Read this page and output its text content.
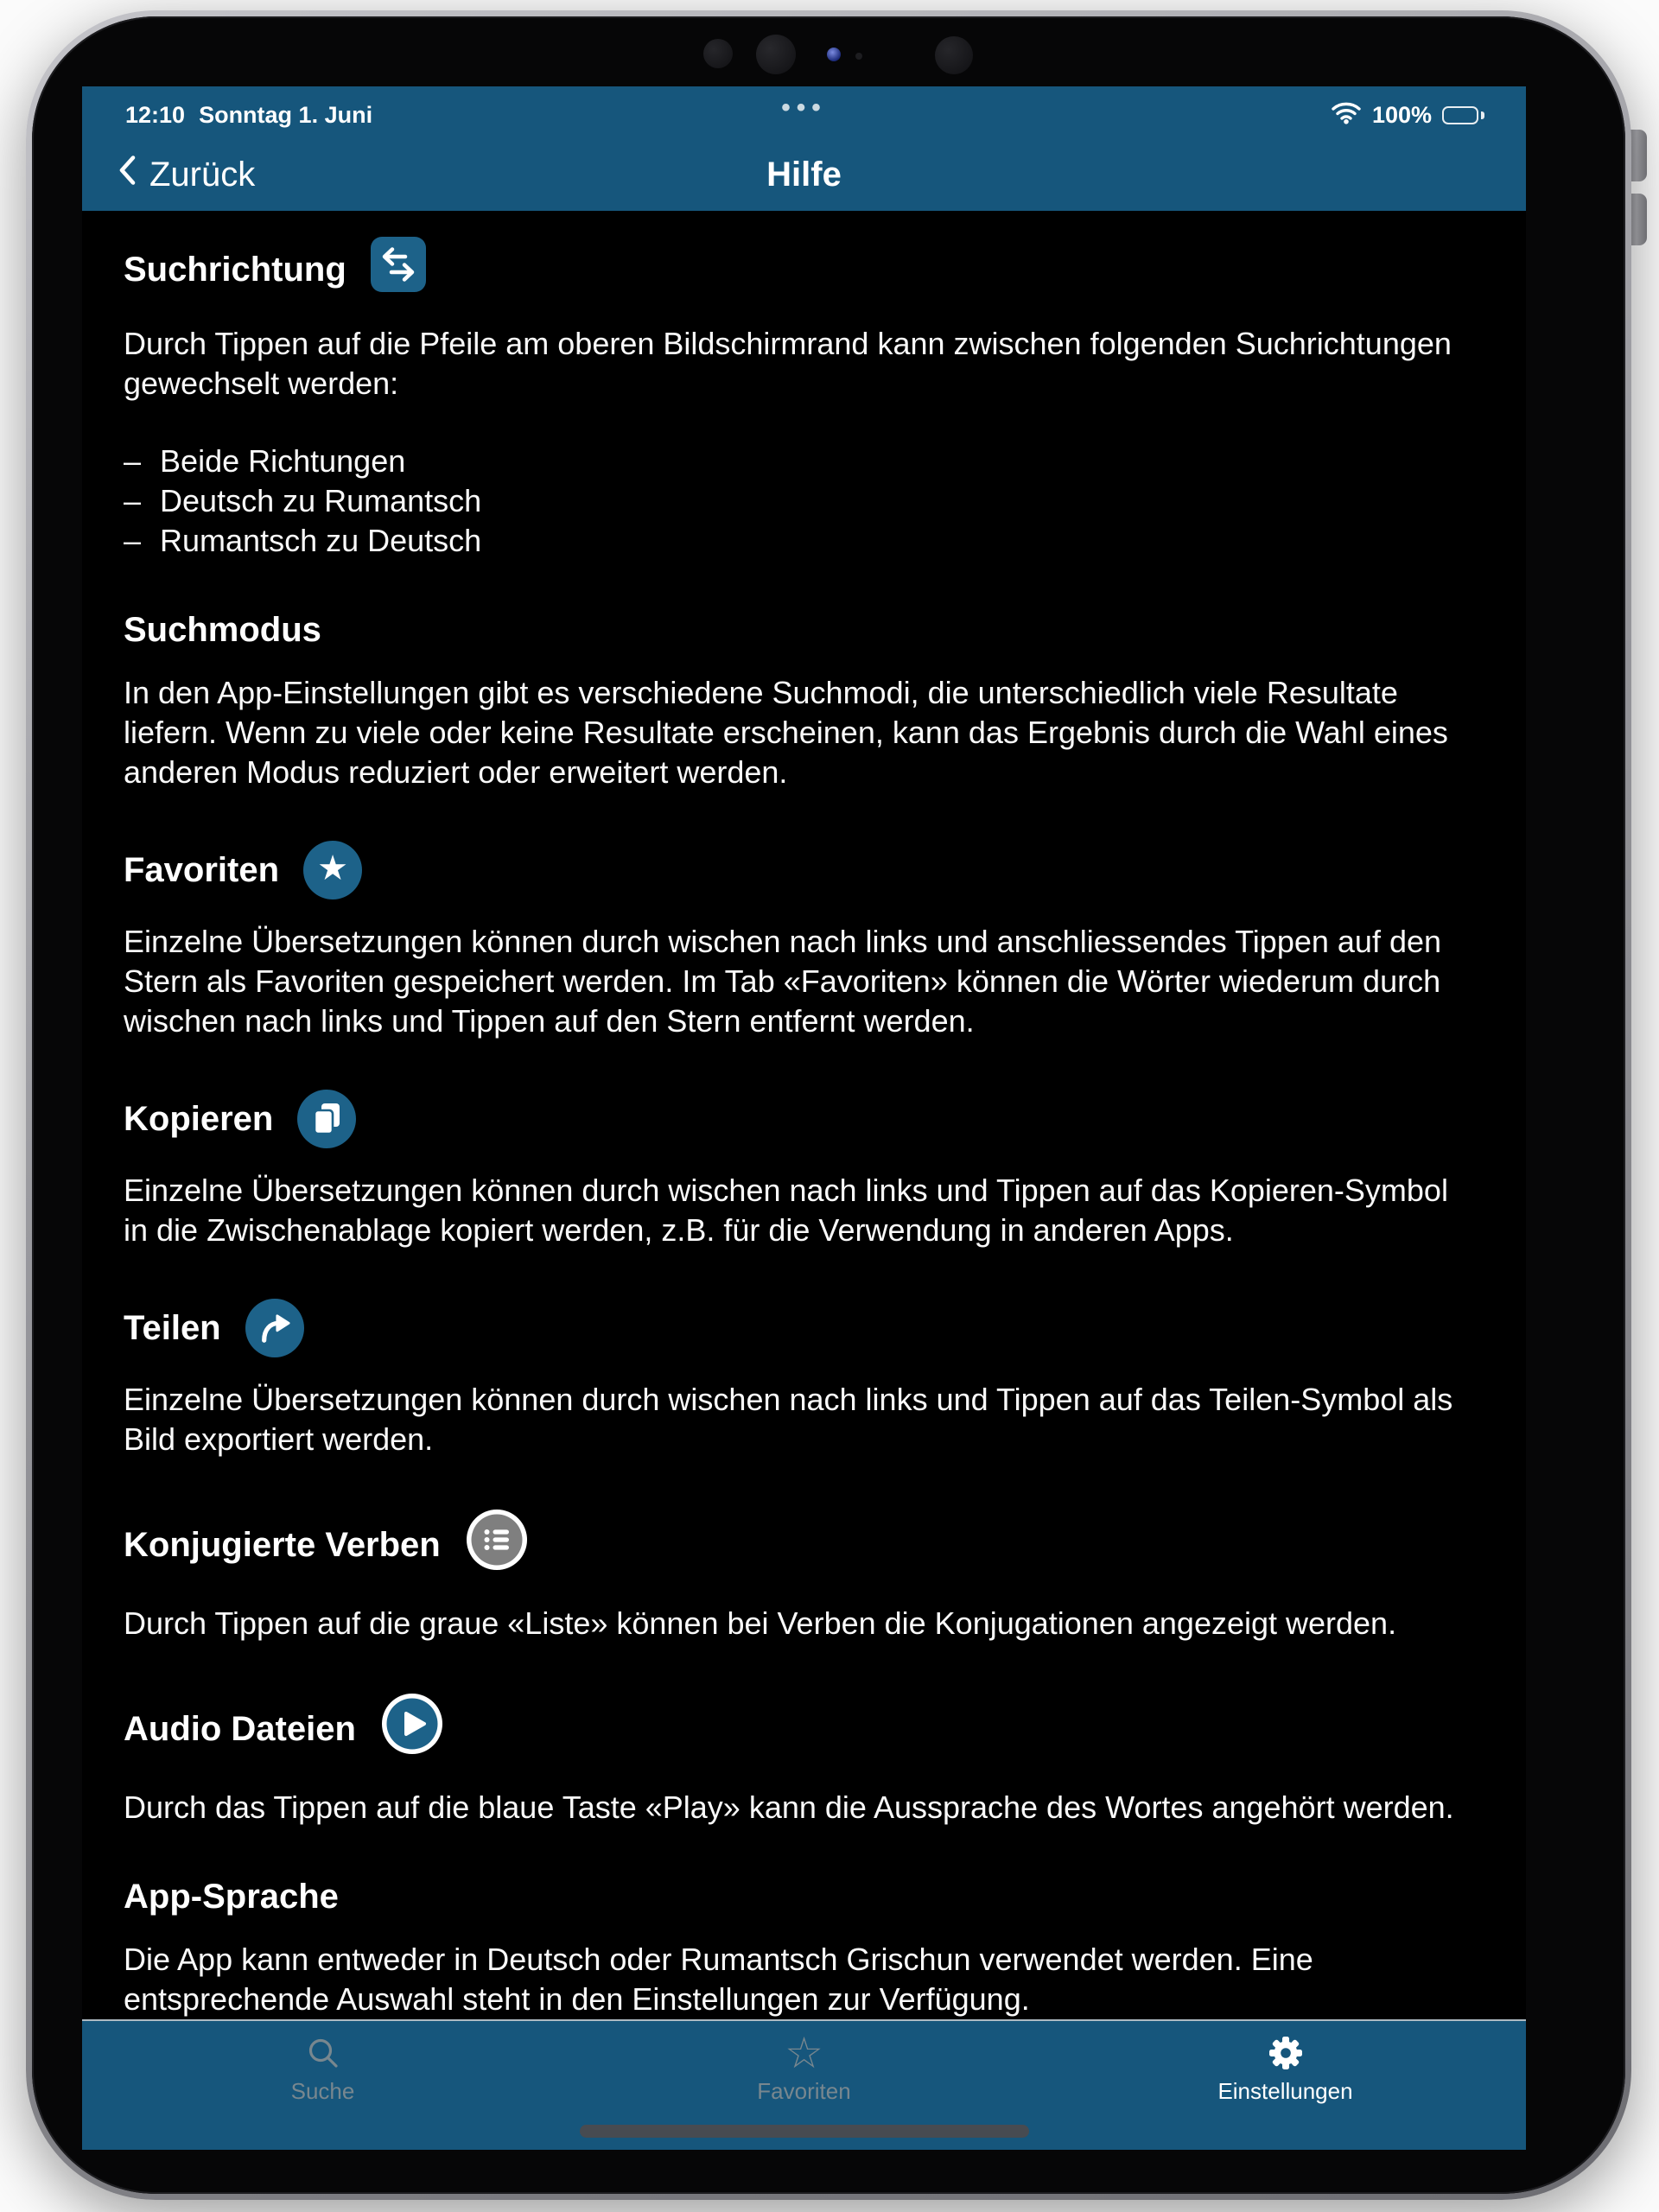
12:10 Sonntag 1. Juni	•••	100%
Zurück	Hilfe
Suchrichtung
Durch Tippen auf die Pfeile am oberen Bildschirmrand kann zwischen folgenden Suchrichtungen gewechselt werden:
– Beide Richtungen
– Deutsch zu Rumantsch
– Rumantsch zu Deutsch
Suchmodus
In den App-Einstellungen gibt es verschiedene Suchmodi, die unterschiedlich viele Resultate liefern. Wenn zu viele oder keine Resultate erscheinen, kann das Ergebnis durch die Wahl eines anderen Modus reduziert oder erweitert werden.
Favoriten ★
Einzelne Übersetzungen können durch wischen nach links und anschliessendes Tippen auf den Stern als Favoriten gespeichert werden. Im Tab «Favoriten» können die Wörter wiederum durch wischen nach links und Tippen auf den Stern entfernt werden.
Kopieren
Einzelne Übersetzungen können durch wischen nach links und Tippen auf das Kopieren-Symbol in die Zwischenablage kopiert werden, z.B. für die Verwendung in anderen Apps.
Teilen
Einzelne Übersetzungen können durch wischen nach links und Tippen auf das Teilen-Symbol als Bild exportiert werden.
Konjugierte Verben
Durch Tippen auf die graue «Liste» können bei Verben die Konjugationen angezeigt werden.
Audio Dateien
Durch das Tippen auf die blaue Taste «Play» kann die Aussprache des Wortes angehört werden.
App-Sprache
Die App kann entweder in Deutsch oder Rumantsch Grischun verwendet werden. Eine entsprechende Auswahl steht in den Einstellungen zur Verfügung.
Suche
☆
Favoriten	Einstellungen
